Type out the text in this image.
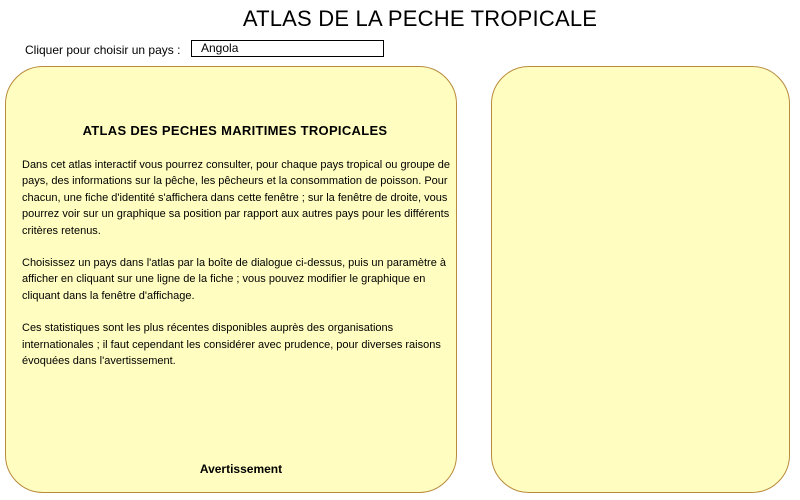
ATLAS DE LA PECHE TROPICALE
Cliquer pour choisir un pays :	Angola
ATLAS DES PECHES MARITIMES TROPICALES

Dans cet atlas interactif vous pourrez consulter, pour chaque pays tropical ou groupe de pays, des informations sur la pêche, les pêcheurs et la consommation de poisson. Pour chacun, une fiche d'identité s'affichera dans cette fenêtre ; sur la fenêtre de droite, vous pourrez voir sur un graphique sa position par rapport aux autres pays pour les différents critères retenus.

Choisissez un pays dans l'atlas par la boîte de dialogue ci-dessus, puis un paramètre à afficher en cliquant sur une ligne de la fiche ; vous pouvez modifier le graphique en cliquant dans la fenêtre d'affichage.

Ces statistiques sont les plus récentes disponibles auprès des organisations internationales ; il faut cependant les considérer avec prudence, pour diverses raisons évoquées dans l'avertissement.

Avertissement
